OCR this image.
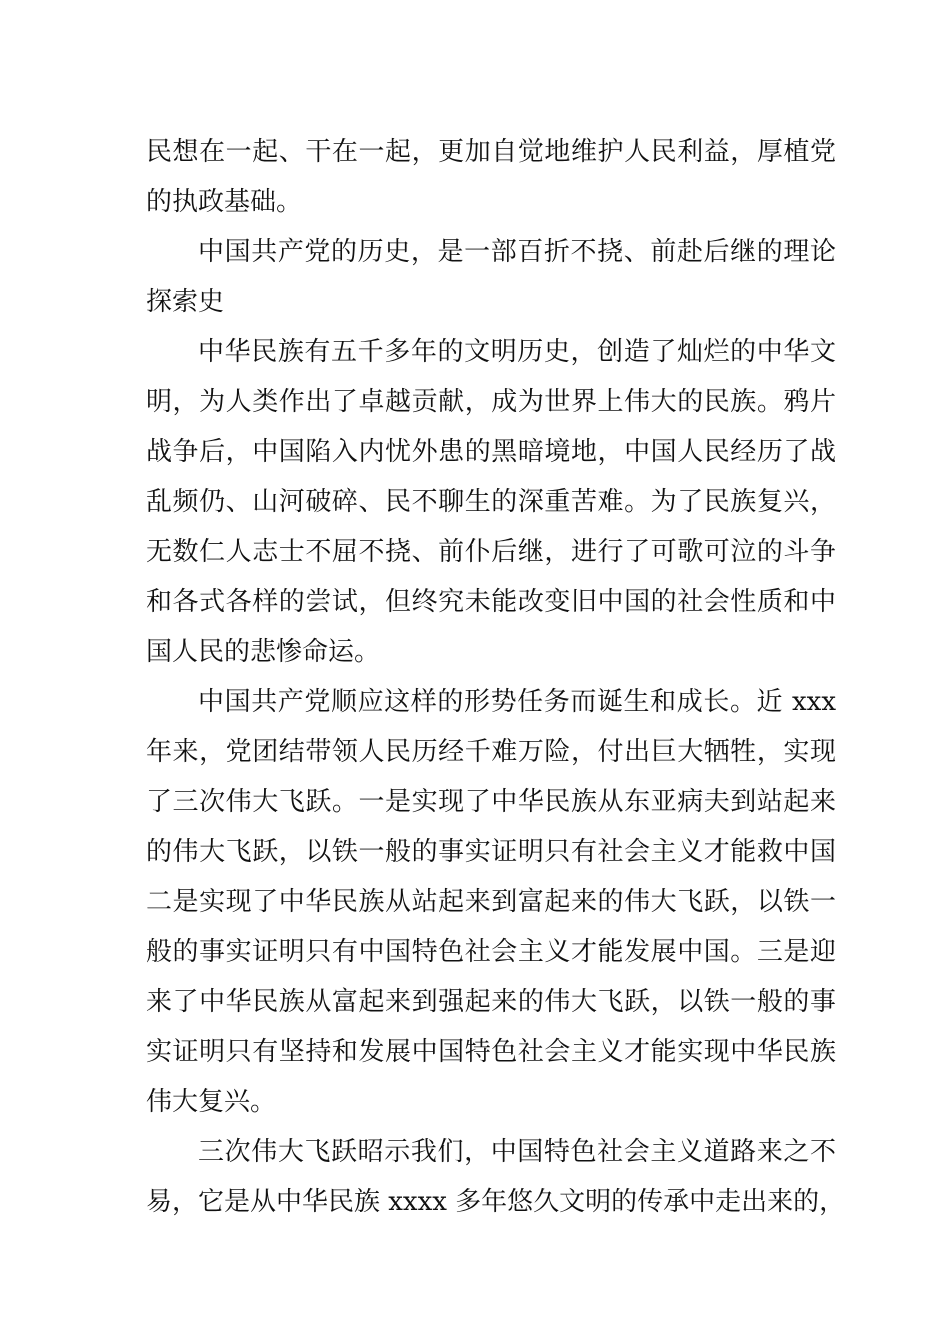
民想在一起、干在一起，更加自觉地维护人民利益，厚植党
的执政基础。
中国共产党的历史，是一部百折不挠、前赴后继的理论
探索史
中华民族有五千多年的文明历史，创造了灿烂的中华文
明，为人类作出了卓越贡献，成为世界上伟大的民族。鸦片
战争后，中国陷入内忧外患的黑暗境地，中国人民经历了战
乱频仍、山河破碎、民不聊生的深重苦难。为了民族复兴，
无数仁人志士不屈不挠、前仆后继，进行了可歌可泣的斗争
和各式各样的尝试，但终究未能改变旧中国的社会性质和中
国人民的悲惨命运。
中国共产党顺应这样的形势任务而诞生和成长。近 xxx
年来，党团结带领人民历经千难万险，付出巨大牺牲，实现
了三次伟大飞跃。一是实现了中华民族从东亚病夫到站起来
的伟大飞跃，以铁一般的事实证明只有社会主义才能救中国
二是实现了中华民族从站起来到富起来的伟大飞跃，以铁一
般的事实证明只有中国特色社会主义才能发展中国。三是迎
来了中华民族从富起来到强起来的伟大飞跃，以铁一般的事
实证明只有坚持和发展中国特色社会主义才能实现中华民族
伟大复兴。
三次伟大飞跃昭示我们，中国特色社会主义道路来之不
易，它是从中华民族 xxxx 多年悠久文明的传承中走出来的，
